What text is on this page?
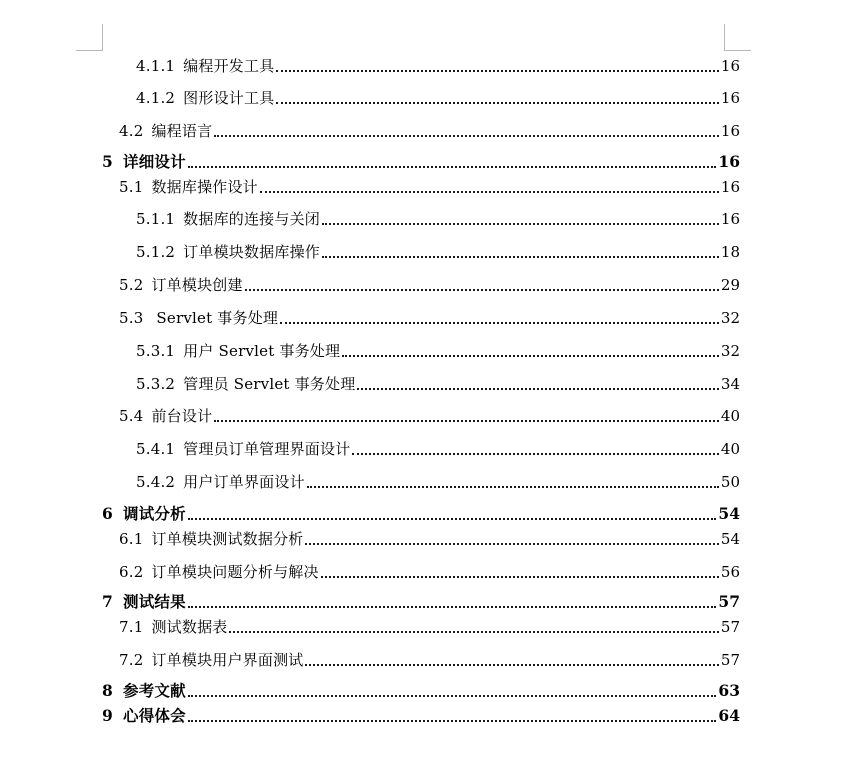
4.1.1 编程开发工具	16
4.1.2 图形设计工具	16
4.2 编程语言	16
5 详细设计	16
5.1 数据库操作设计	16
5.1.1 数据库的连接与关闭	16
5.1.2 订单模块数据库操作	18
5.2 订单模块创建	29
5.3 Servlet 事务处理	32
5.3.1 用户 Servlet 事务处理	32
5.3.2 管理员 Servlet 事务处理	34
5.4 前台设计	40
5.4.1 管理员订单管理界面设计	40
5.4.2 用户订单界面设计	50
6 调试分析	54
6.1 订单模块测试数据分析	54
6.2 订单模块问题分析与解决	56
7 测试结果	57
7.1 测试数据表	57
7.2 订单模块用户界面测试	57
8 参考文献	63
9 心得体会	64
